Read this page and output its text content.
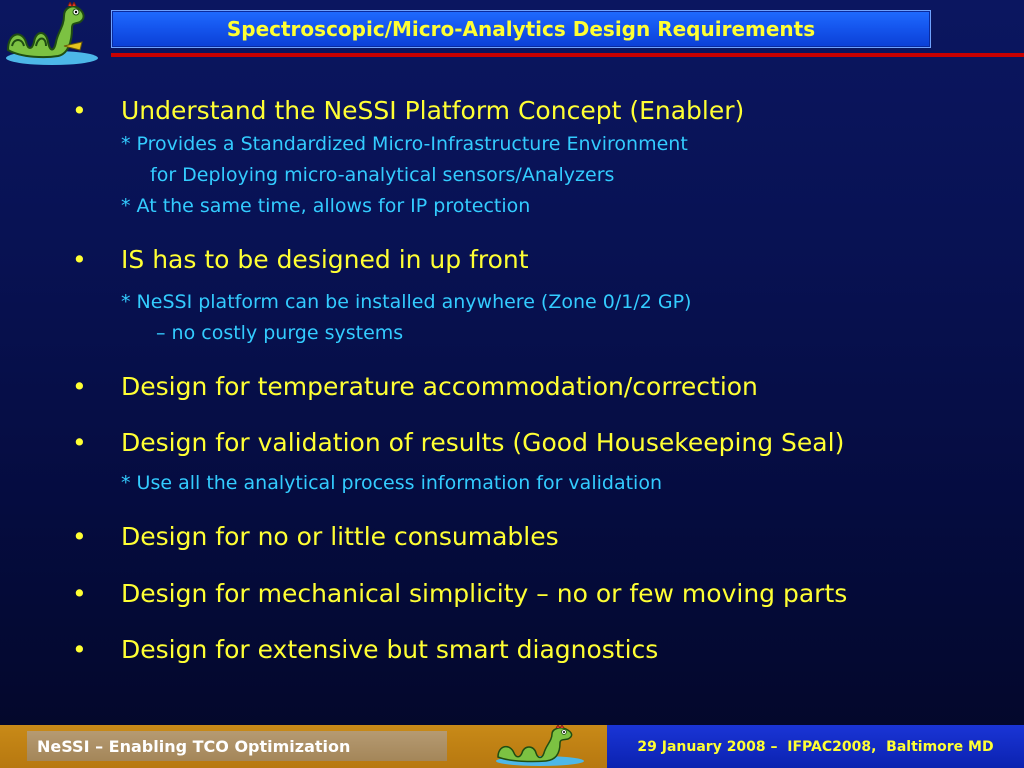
Spectroscopic/Micro-Analytics Design Requirements
• Understand the NeSSI Platform Concept (Enabler)
* Provides a Standardized Micro-Infrastructure Environment
for Deploying micro-analytical sensors/Analyzers
* At the same time, allows for IP protection
• IS has to be designed in up front
* NeSSI platform can be installed anywhere (Zone 0/1/2 GP)
– no costly purge systems
• Design for temperature accommodation/correction
• Design for validation of results (Good Housekeeping Seal)
* Use all the analytical process information for validation
• Design for no or little consumables
• Design for mechanical simplicity – no or few moving parts
• Design for extensive but smart diagnostics
NeSSI – Enabling TCO Optimization	29 January 2008 –  IFPAC2008,  Baltimore MD
